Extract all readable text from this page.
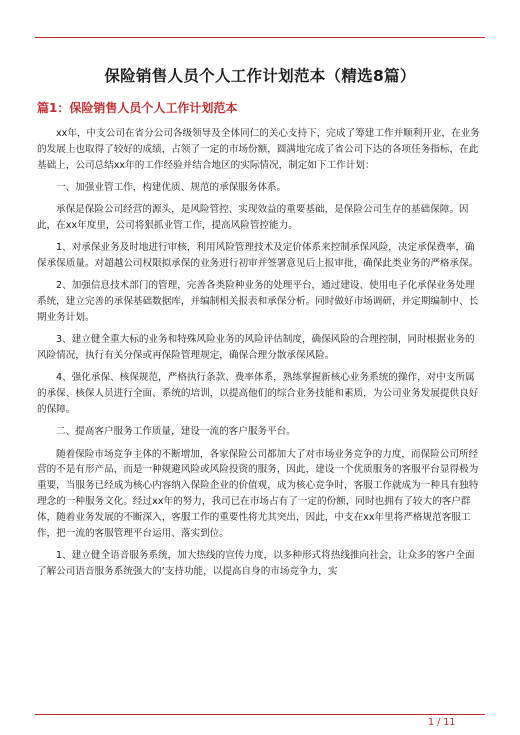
保险销售人员个人工作计划范本（精选8篇）
篇1：保险销售人员个人工作计划范本

xx年，中支公司在省分公司各级领导及全体同仁的关心支持下，完成了筹建工作并顺利开业，在业务的发展上也取得了较好的成绩，占领了一定的市场份额，圆满地完成了省公司下达的各项任务指标，在此基础上，公司总结xx年的工作经验并结合地区的实际情况，制定如下工作计划：

一、加强业管工作，构建优质、规范的承保服务体系。

承保是保险公司经营的源头，是风险管控、实现效益的重要基础，是保险公司生存的基础保障。因此，在xx年度里，公司将狠抓业管工作，提高风险管控能力。

1、对承保业务及时地进行审核，利用风险管理技术及定价体系来控制承保风险，决定承保费率，确保承保质量。对超越公司权限拟承保的业务进行初审并签署意见后上报审批，确保此类业务的严格承保。

2、加强信息技术部门的管理，完善各类险种业务的处理平台，通过建设、使用电子化承保业务处理系统，建立完善的承保基础数据库，并编制相关报表和承保分析。同时做好市场调研，并定期编制中、长期业务计划。

3、建立健全重大标的业务和特殊风险业务的风险评估制度，确保风险的合理控制，同时根据业务的风险情况，执行有关分保或再保险管理规定，确保合理分散承保风险。

4、强化承保、核保规范，严格执行条款、费率体系，熟练掌握新核心业务系统的操作，对中支所属的承保、核保人员进行全面、系统的培训，以提高他们的综合业务技能和素质，为公司业务发展提供良好的保障。

二、提高客户服务工作质量，建设一流的客户服务平台。

随着保险市场竞争主体的不断增加，各家保险公司都加大了对市场业务竞争的力度，而保险公司所经营的不是有形产品，而是一种规避风险或风险投资的服务，因此，建设一个优质服务的客服平台显得极为重要，当服务已经成为核心内容纳入保险企业的价值观，成为核心竞争时，客服工作就成为一种具有独特理念的一种服务文化。经过xx年的努力，我司已在市场占有了一定的份额，同时也拥有了较大的客户群体，随着业务发展的不断深入，客服工作的重要性将尤其突出，因此，中支在xx年里将严格规范客服工作，把一流的客服管理平台运用、落实到位。

1、建立健全语音服务系统，加大热线的宣传力度，以多种形式将热线推向社会，让众多的客户全面了解公司语音服务系统强大的’支持功能，以提高自身的市场竞争力，实

1 / 11
